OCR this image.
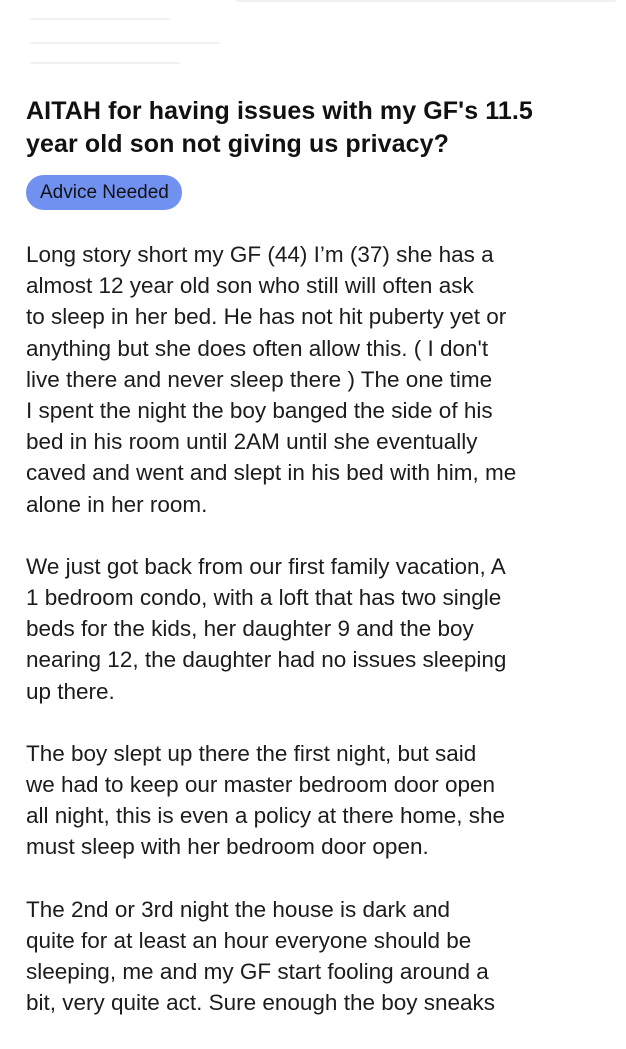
AITAH for having issues with my GF's 11.5
year old son not giving us privacy?
Advice Needed

Long story short my GF (44) I’m (37) she has a
almost 12 year old son who still will often ask
to sleep in her bed. He has not hit puberty yet or
anything but she does often allow this. ( I don't
live there and never sleep there ) The one time
I spent the night the boy banged the side of his
bed in his room until 2AM until she eventually
caved and went and slept in his bed with him, me
alone in her room.

We just got back from our first family vacation, A
1 bedroom condo, with a loft that has two single
beds for the kids, her daughter 9 and the boy
nearing 12, the daughter had no issues sleeping
up there.

The boy slept up there the first night, but said
we had to keep our master bedroom door open
all night, this is even a policy at there home, she
must sleep with her bedroom door open.

The 2nd or 3rd night the house is dark and
quite for at least an hour everyone should be
sleeping, me and my GF start fooling around a
bit, very quite act. Sure enough the boy sneaks
